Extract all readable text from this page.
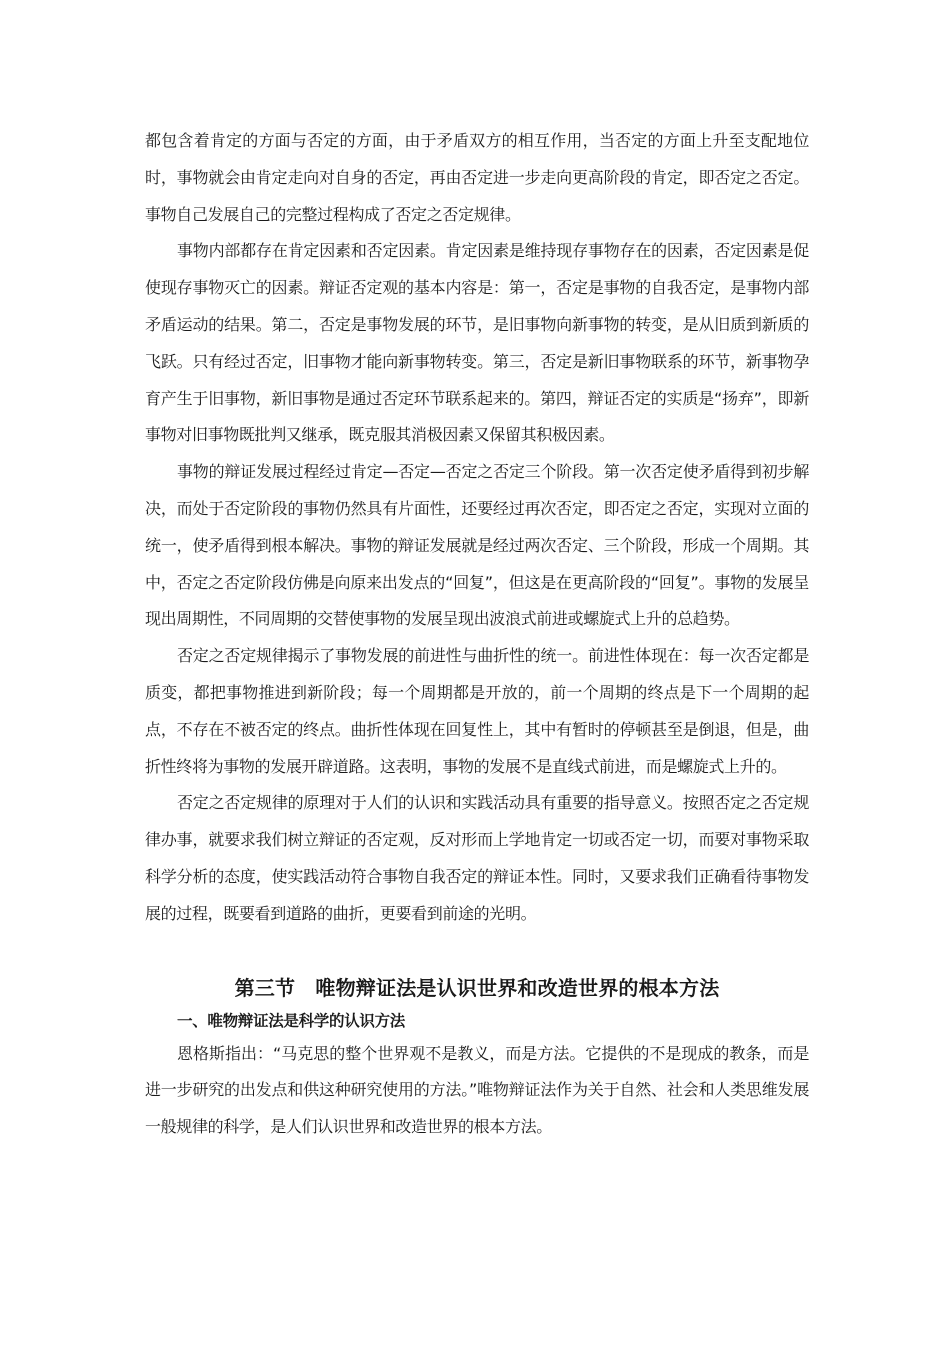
都包含着肯定的方面与否定的方面，由于矛盾双方的相互作用，当否定的方面上升至支配地位时，事物就会由肯定走向对自身的否定，再由否定进一步走向更高阶段的肯定，即否定之否定。事物自己发展自己的完整过程构成了否定之否定规律。

事物内部都存在肯定因素和否定因素。肯定因素是维持现存事物存在的因素，否定因素是促使现存事物灭亡的因素。辩证否定观的基本内容是：第一，否定是事物的自我否定，是事物内部矛盾运动的结果。第二，否定是事物发展的环节，是旧事物向新事物的转变，是从旧质到新质的飞跃。只有经过否定，旧事物才能向新事物转变。第三，否定是新旧事物联系的环节，新事物孕育产生于旧事物，新旧事物是通过否定环节联系起来的。第四，辩证否定的实质是“扬弃”，即新事物对旧事物既批判又继承，既克服其消极因素又保留其积极因素。

事物的辩证发展过程经过肯定—否定—否定之否定三个阶段。第一次否定使矛盾得到初步解决，而处于否定阶段的事物仍然具有片面性，还要经过再次否定，即否定之否定，实现对立面的统一，使矛盾得到根本解决。事物的辩证发展就是经过两次否定、三个阶段，形成一个周期。其中，否定之否定阶段仿佛是向原来出发点的“回复”，但这是在更高阶段的“回复”。事物的发展呈现出周期性，不同周期的交替使事物的发展呈现出波浪式前进或螺旋式上升的总趋势。

否定之否定规律揭示了事物发展的前进性与曲折性的统一。前进性体现在：每一次否定都是质变，都把事物推进到新阶段；每一个周期都是开放的，前一个周期的终点是下一个周期的起点，不存在不被否定的终点。曲折性体现在回复性上，其中有暂时的停顿甚至是倒退，但是，曲折性终将为事物的发展开辟道路。这表明，事物的发展不是直线式前进，而是螺旋式上升的。

否定之否定规律的原理对于人们的认识和实践活动具有重要的指导意义。按照否定之否定规律办事，就要求我们树立辩证的否定观，反对形而上学地肯定一切或否定一切，而要对事物采取科学分析的态度，使实践活动符合事物自我否定的辩证本性。同时，又要求我们正确看待事物发展的过程，既要看到道路的曲折，更要看到前途的光明。

第三节　唯物辩证法是认识世界和改造世界的根本方法
一、唯物辩证法是科学的认识方法

恩格斯指出：“马克思的整个世界观不是教义，而是方法。它提供的不是现成的教条，而是进一步研究的出发点和供这种研究使用的方法。”唯物辩证法作为关于自然、社会和人类思维发展一般规律的科学，是人们认识世界和改造世界的根本方法。
